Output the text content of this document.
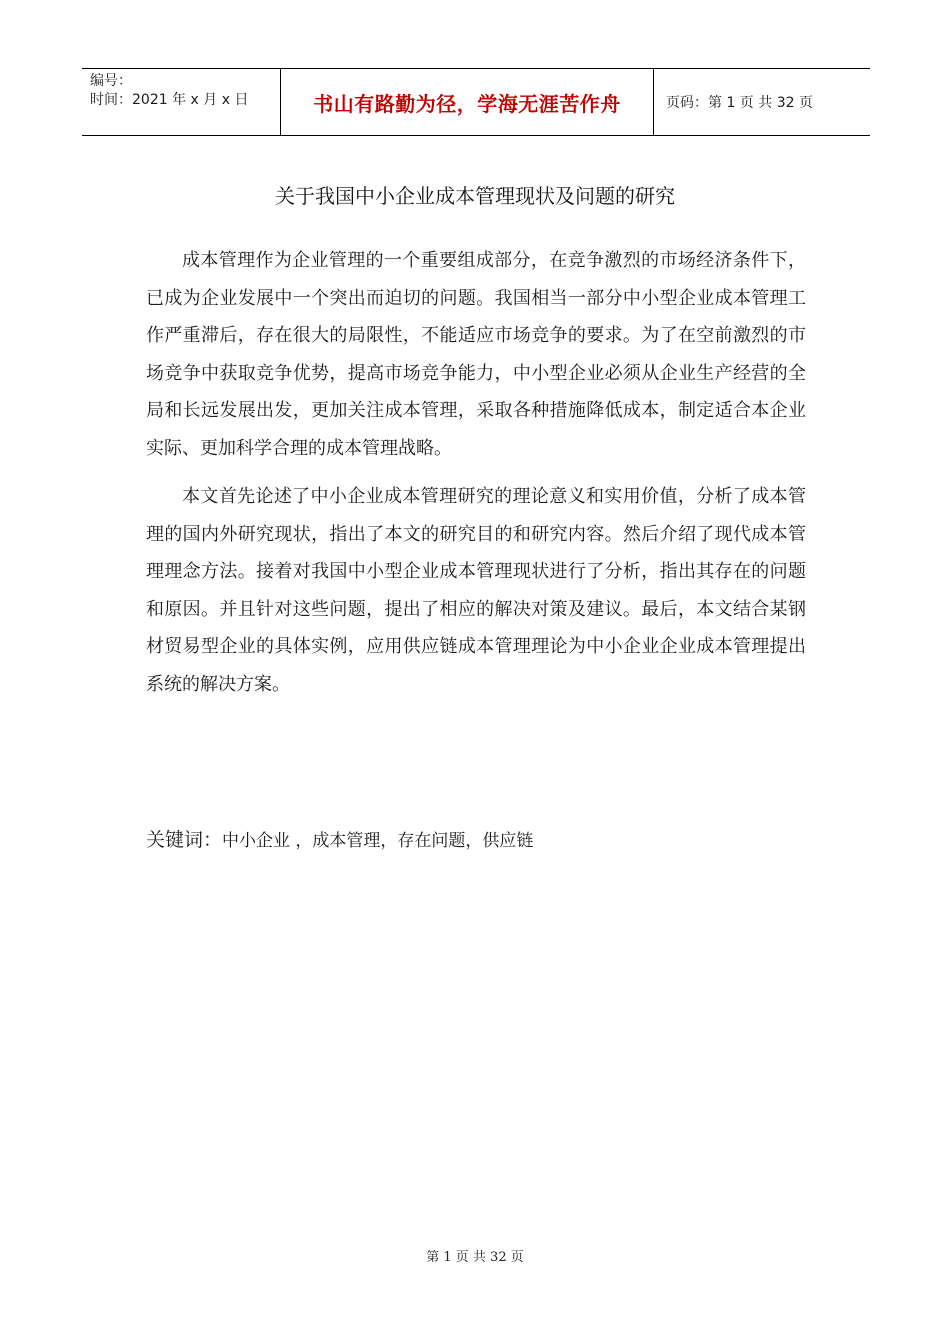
编号：
时间：2021 年 x 月 x 日	书山有路勤为径，学海无涯苦作舟	页码：第 1 页 共 32 页
关于我国中小企业成本管理现状及问题的研究

成本管理作为企业管理的一个重要组成部分，在竞争激烈的市场经济条件下，已成为企业发展中一个突出而迫切的问题。我国相当一部分中小型企业成本管理工作严重滞后，存在很大的局限性，不能适应市场竞争的要求。为了在空前激烈的市场竞争中获取竞争优势，提高市场竞争能力，中小型企业必须从企业生产经营的全局和长远发展出发，更加关注成本管理，采取各种措施降低成本，制定适合本企业实际、更加科学合理的成本管理战略。

本文首先论述了中小企业成本管理研究的理论意义和实用价值，分析了成本管理的国内外研究现状，指出了本文的研究目的和研究内容。然后介绍了现代成本管理理念方法。接着对我国中小型企业成本管理现状进行了分析，指出其存在的问题和原因。并且针对这些问题，提出了相应的解决对策及建议。最后，本文结合某钢材贸易型企业的具体实例，应用供应链成本管理理论为中小企业企业成本管理提出系统的解决方案。

关键词：中小企业 ，成本管理，存在问题，供应链
第 1 页 共 32 页
